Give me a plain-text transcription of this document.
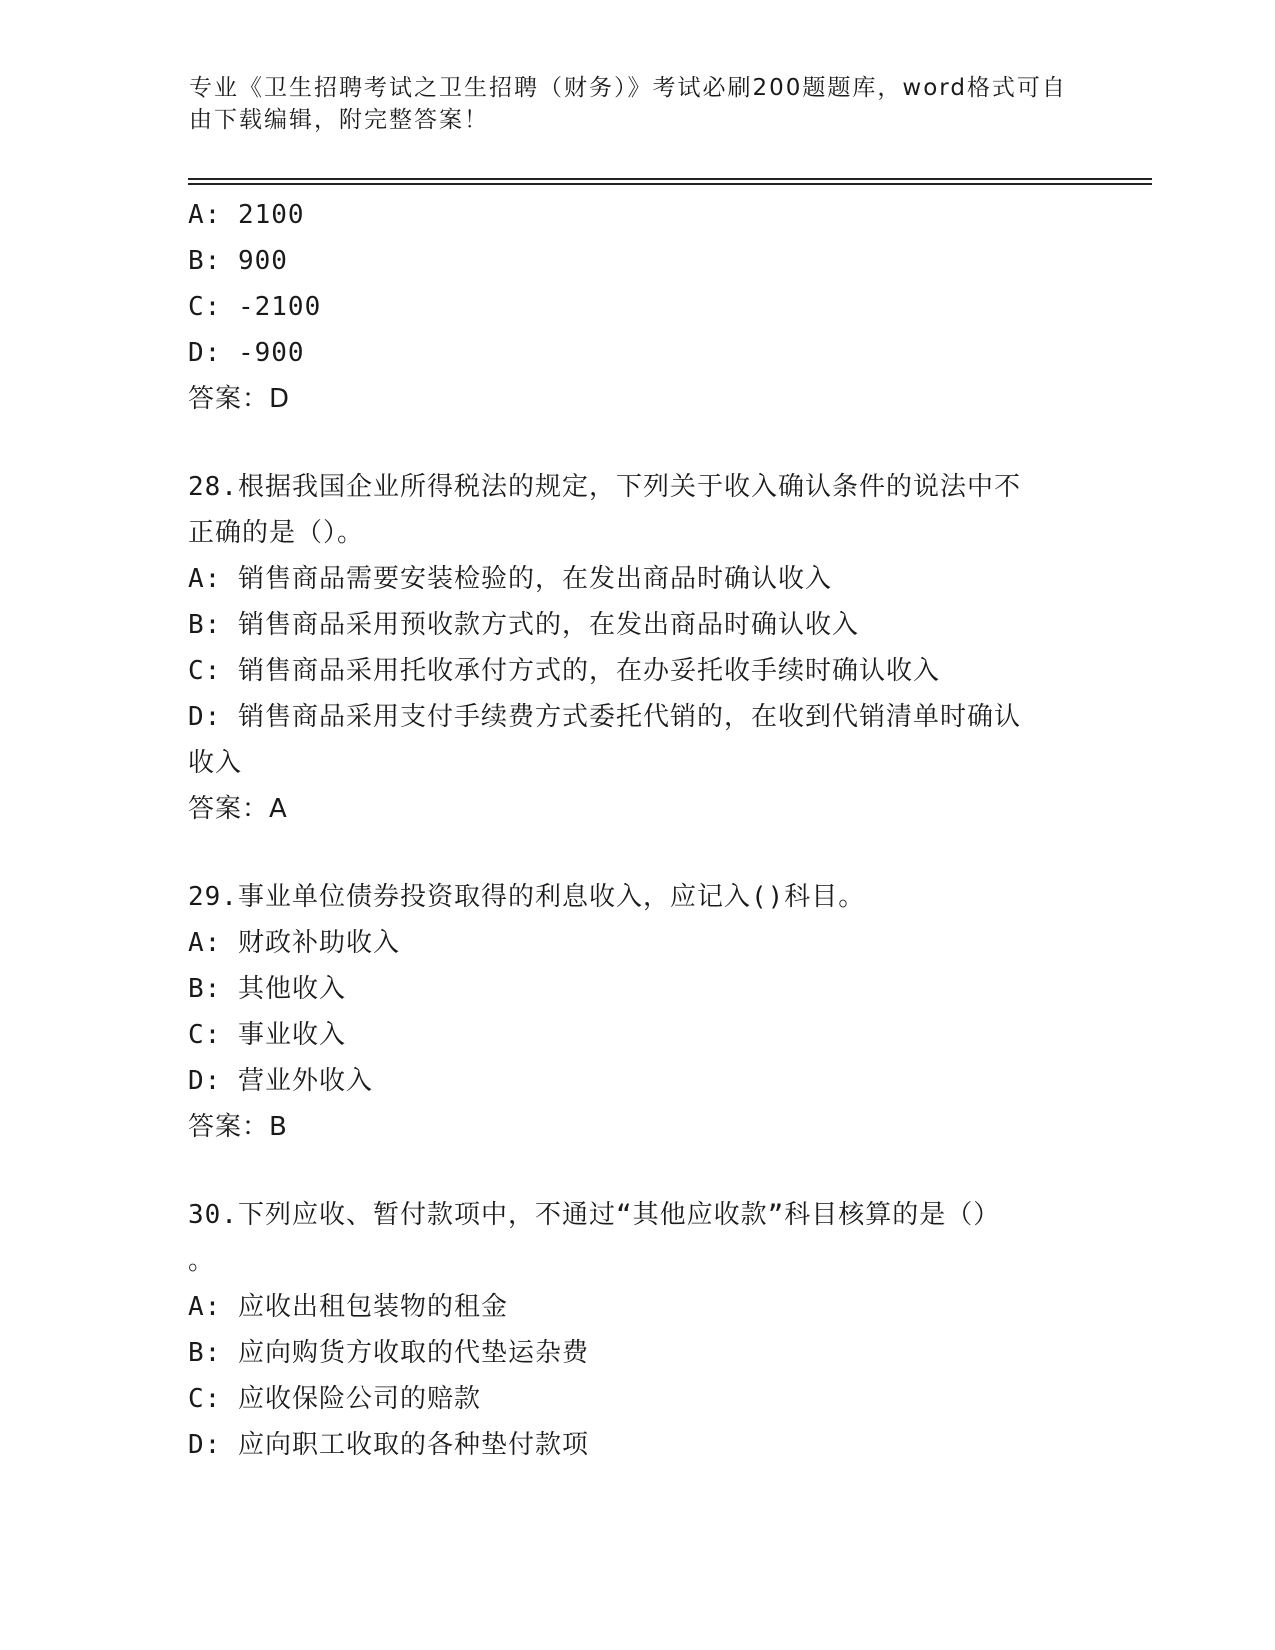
专业《卫生招聘考试之卫生招聘（财务）》考试必刷200题题库，word格式可自
由下载编辑，附完整答案！
A: 2100
B: 900
C: -2100
D: -900
答案：D
28.根据我国企业所得税法的规定，下列关于收入确认条件的说法中不
正确的是（）。
A: 销售商品需要安装检验的，在发出商品时确认收入
B: 销售商品采用预收款方式的，在发出商品时确认收入
C: 销售商品采用托收承付方式的，在办妥托收手续时确认收入
D: 销售商品采用支付手续费方式委托代销的，在收到代销清单时确认
收入
答案：A
29.事业单位债券投资取得的利息收入，应记入()科目。
A: 财政补助收入
B: 其他收入
C: 事业收入
D: 营业外收入
答案：B
30.下列应收、暂付款项中，不通过“其他应收款”科目核算的是（）
。
A: 应收出租包装物的租金
B: 应向购货方收取的代垫运杂费
C: 应收保险公司的赔款
D: 应向职工收取的各种垫付款项
